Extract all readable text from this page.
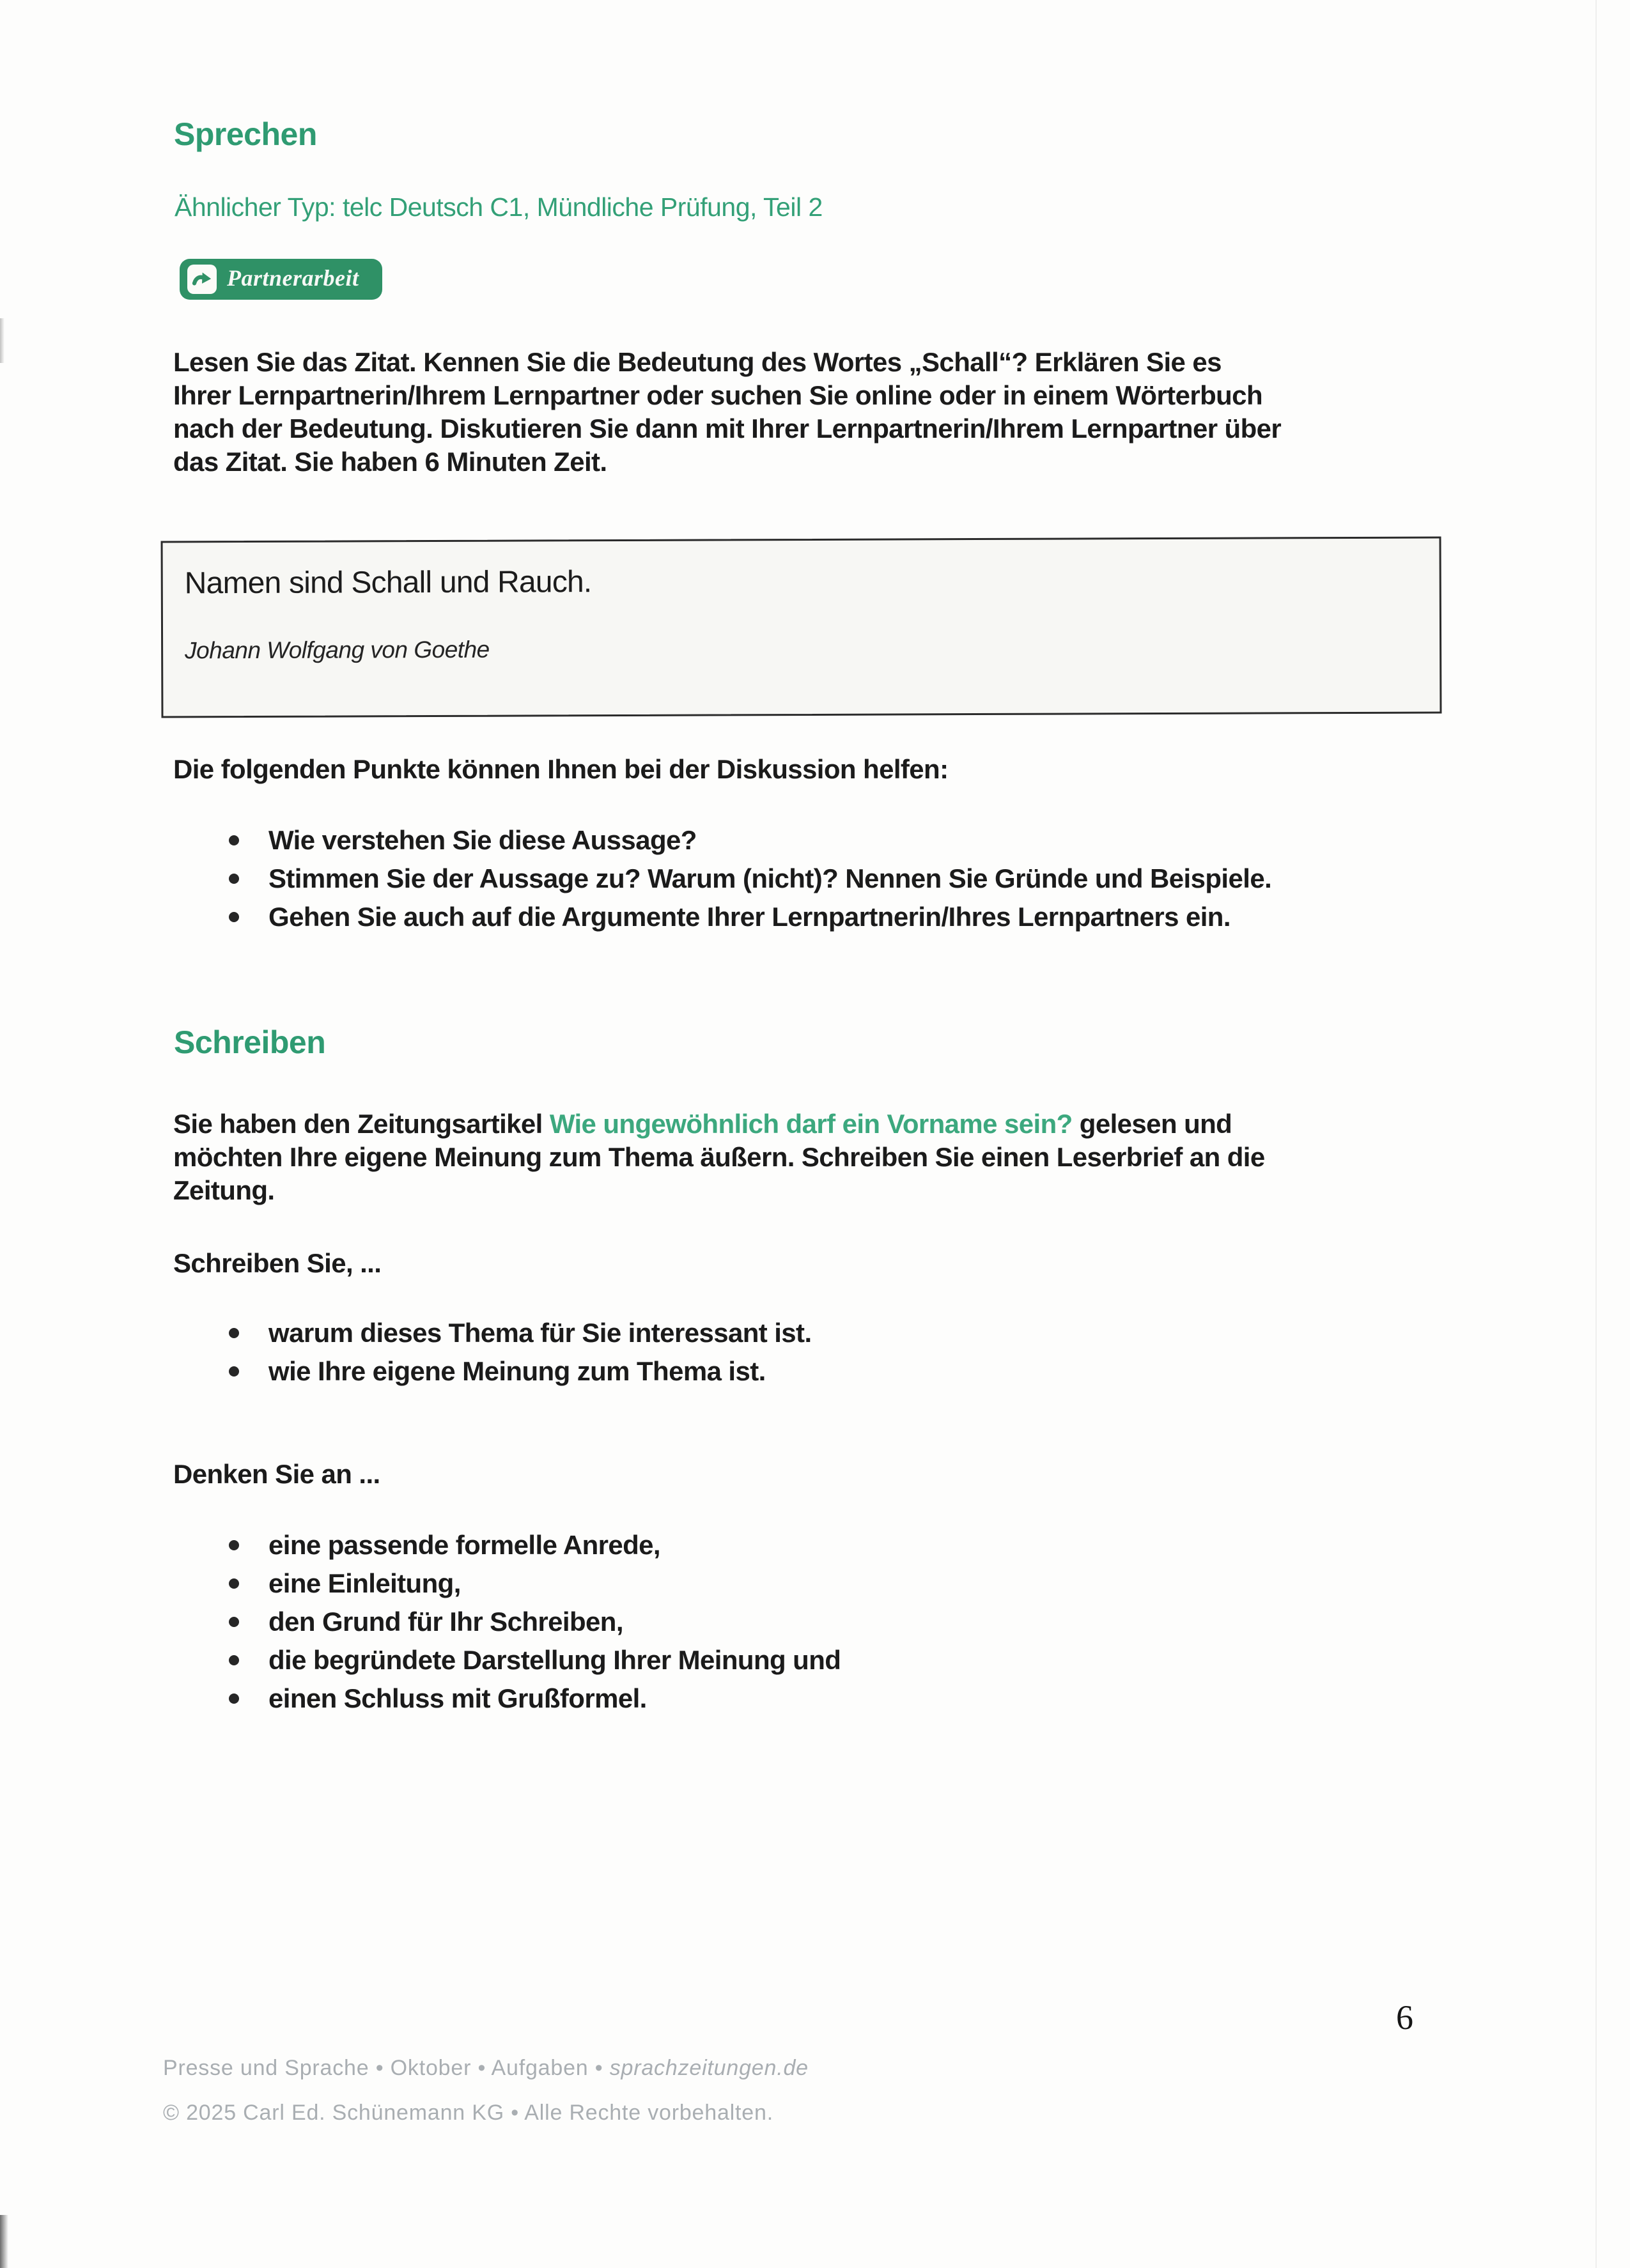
Sprechen
Ähnlicher Typ: telc Deutsch C1, Mündliche Prüfung, Teil 2
Partnerarbeit
Lesen Sie das Zitat. Kennen Sie die Bedeutung des Wortes „Schall“? Erklären Sie es
Ihrer Lernpartnerin/Ihrem Lernpartner oder suchen Sie online oder in einem Wörterbuch
nach der Bedeutung. Diskutieren Sie dann mit Ihrer Lernpartnerin/Ihrem Lernpartner über
das Zitat. Sie haben 6 Minuten Zeit.
Namen sind Schall und Rauch.
Johann Wolfgang von Goethe
Die folgenden Punkte können Ihnen bei der Diskussion helfen:
Wie verstehen Sie diese Aussage?
Stimmen Sie der Aussage zu? Warum (nicht)? Nennen Sie Gründe und Beispiele.
Gehen Sie auch auf die Argumente Ihrer Lernpartnerin/Ihres Lernpartners ein.
Schreiben
Sie haben den Zeitungsartikel Wie ungewöhnlich darf ein Vorname sein? gelesen und
möchten Ihre eigene Meinung zum Thema äußern. Schreiben Sie einen Leserbrief an die
Zeitung.
Schreiben Sie, ...
warum dieses Thema für Sie interessant ist.
wie Ihre eigene Meinung zum Thema ist.
Denken Sie an ...
eine passende formelle Anrede,
eine Einleitung,
den Grund für Ihr Schreiben,
die begründete Darstellung Ihrer Meinung und
einen Schluss mit Grußformel.
6
Presse und Sprache • Oktober • Aufgaben • sprachzeitungen.de
© 2025 Carl Ed. Schünemann KG • Alle Rechte vorbehalten.
